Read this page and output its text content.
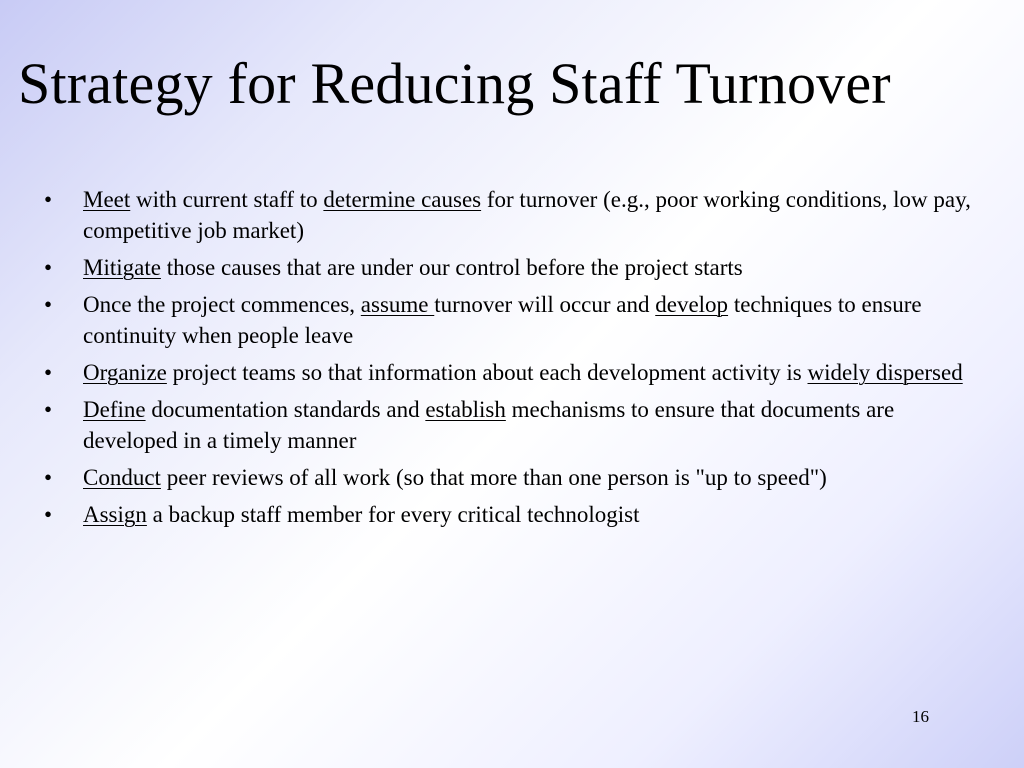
Strategy for Reducing Staff Turnover
•	Meet with current staff to determine causes for turnover (e.g., poor working conditions, low pay, competitive job market)
•	Mitigate those causes that are under our control before the project starts
•	Once the project commences, assume turnover will occur and develop techniques to ensure continuity when people leave
•	Organize project teams so that information about each development activity is widely dispersed
•	Define documentation standards and establish mechanisms to ensure that documents are developed in a timely manner
•	Conduct peer reviews of all work (so that more than one person is "up to speed")
•	Assign a backup staff member for every critical technologist
16
